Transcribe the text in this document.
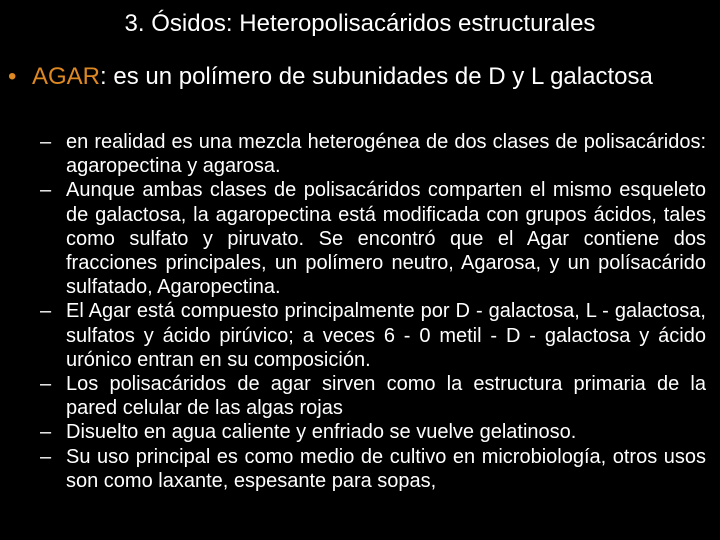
3. Ósidos: Heteropolisacáridos estructurales
• AGAR: es un polímero de subunidades de D y L galactosa
– en realidad es una mezcla heterogénea de dos clases de polisacáridos: agaropectina y agarosa.
– Aunque ambas clases de polisacáridos comparten el mismo esqueleto de galactosa, la agaropectina está modificada con grupos ácidos, tales como sulfato y piruvato. Se encontró que el Agar contiene dos fracciones principales, un polímero neutro, Agarosa, y un polísacárido sulfatado, Agaropectina.
– El Agar está compuesto principalmente por D - galactosa, L - galactosa, sulfatos y ácido pirúvico; a veces 6 - 0 metil - D - galactosa y ácido urónico entran en su composición.
– Los polisacáridos de agar sirven como la estructura primaria de la pared celular de las algas rojas
– Disuelto en agua caliente y enfriado se vuelve gelatinoso.
– Su uso principal es como medio de cultivo en microbiología, otros usos son como laxante, espesante para sopas,
